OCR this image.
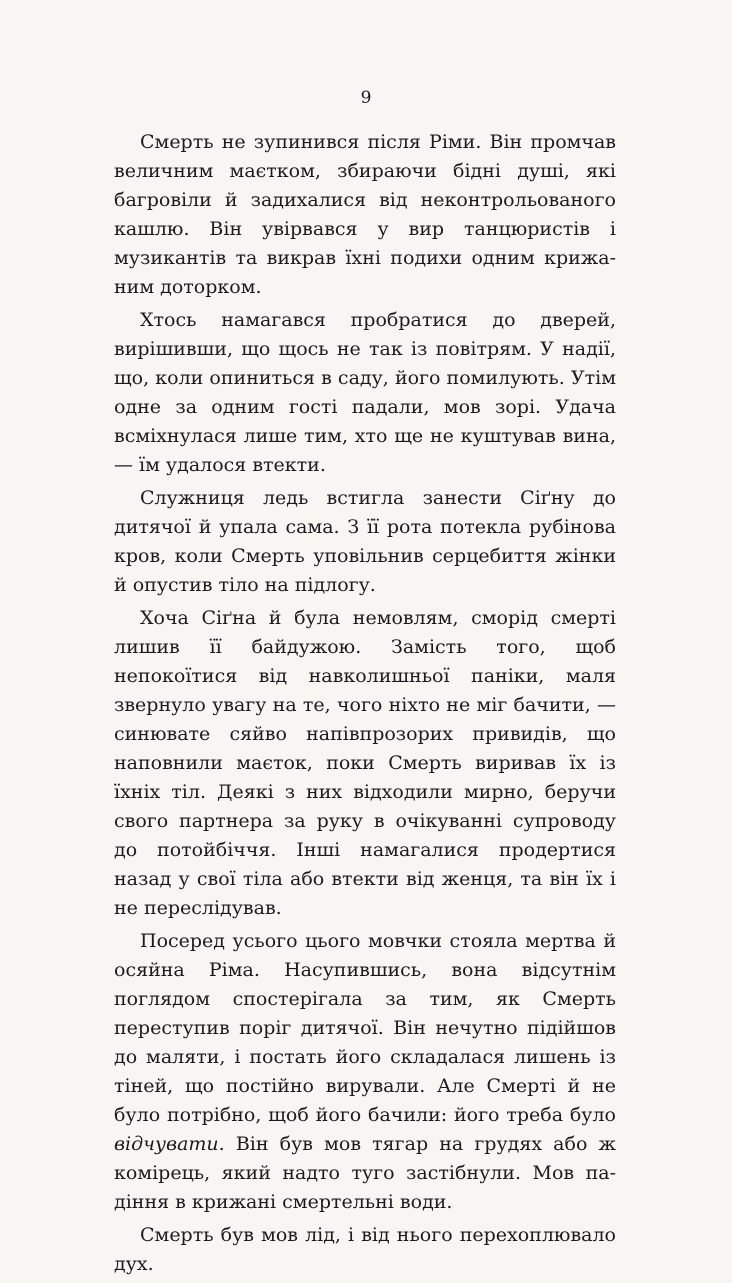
9

Смерть не зупинився після Ріми. Він промчав величним маєтком, збираючи бідні душі, які багровіли й задихалися від неконтрольованого кашлю. Він увірвався у вир танцюристів і музикантів та викрав їхні подихи одним крижаним доторком.

Хтось намагався пробратися до дверей, вирішивши, що щось не так із повітрям. У надії, що, коли опиниться в саду, його помилують. Утім одне за одним гості падали, мов зорі. Удача всміхнулася лише тим, хто ще не куштував вина, — їм удалося втекти.

Служниця ледь встигла занести Сіґну до дитячої й упала сама. З її рота потекла рубінова кров, коли Смерть уповільнив серцебиття жінки й опустив тіло на підлогу.

Хоча Сіґна й була немовлям, сморід смерті лишив її байдужою. Замість того, щоб непокоїтися від навколишньої паніки, маля звернуло увагу на те, чого ніхто не міг бачити, — синювате сяйво напівпрозорих привидів, що наповнили маєток, поки Смерть виривав їх із їхніх тіл. Деякі з них відходили мирно, беручи свого партнера за руку в очікуванні супроводу до потойбіччя. Інші намагалися продертися назад у свої тіла або втекти від женця, та він їх і не переслідував.

Посеред усього цього мовчки стояла мертва й осяйна Ріма. Насупившись, вона відсутнім поглядом спостерігала за тим, як Смерть переступив поріг дитячої. Він нечутно підійшов до маляти, і постать його складалася лишень із тіней, що постійно вирували. Але Смерті й не було потрібно, щоб його бачили: його треба було відчувати. Він був мов тягар на грудях або ж комірець, який надто туго застібнули. Мов падіння в крижані смертельні води.

Смерть був мов лід, і від нього перехоплювало дух.
